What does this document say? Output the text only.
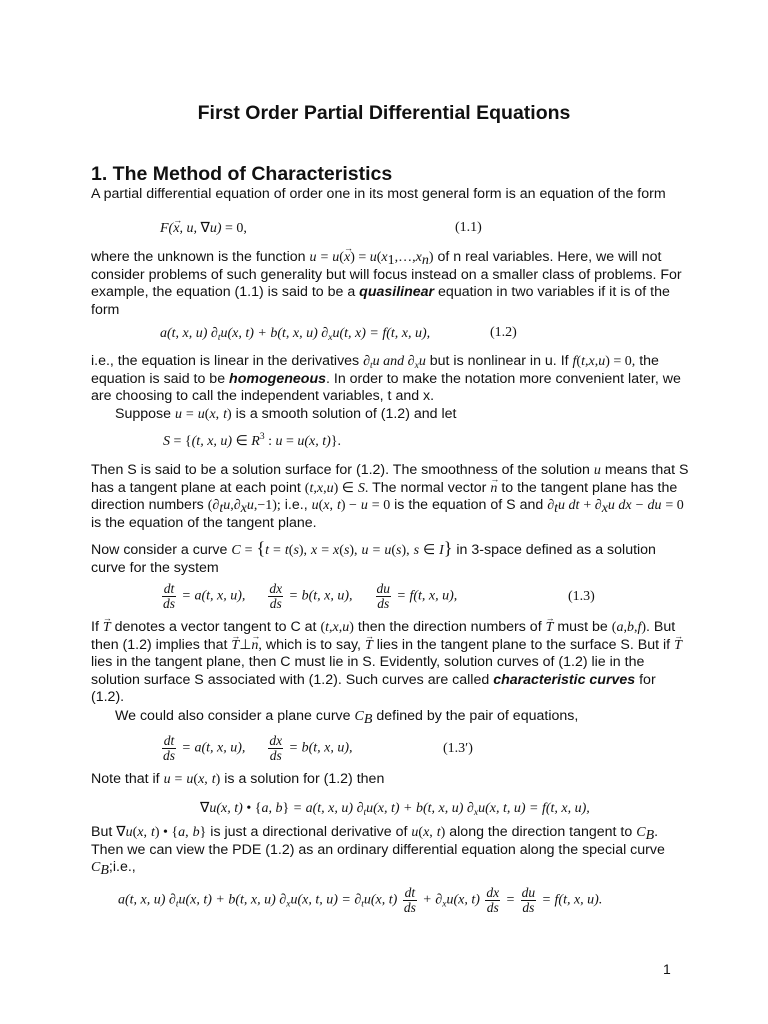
First Order Partial Differential Equations
1. The Method of Characteristics

A partial differential equation of order one in its most general form is an equation of the form

F(→ x, u, ∇u) = 0,	(1.1)

where the unknown is the function $u = u(\to x) = u(x_1,\dots,x_n)$ of n real variables. Here, we will not consider problems of such generality but will focus instead on a smaller class of problems. For example, the equation (1.1) is said to be a quasilinear equation in two variables if it is of the form

a(t, x, u) $\partial_tu(x$, t) + b(t, x, u) $\partial_xu(t$, x) = f(t, x, u),	(1.2)

i.e., the equation is linear in the derivatives $\partial_tu$ and $\partial_xu$ but is nonlinear in u. If f(t,x,u) = 0, the equation is said to be homogeneous. In order to make the notation more convenient later, we are choosing to call the independent variables, t and x.

Suppose u = u(x, t) is a smooth solution of (1.2) and let

S = {(t, x, u) ∈ $R^3$ : u = u(x, t)}.

Then S is said to be a solution surface for (1.2). The smoothness of the solution u means that S has a tangent plane at each point (t,x,u) ∈ S. The normal vector → n to the tangent plane has the direction numbers $(\partial_tu,\partial_xu,-1)$; i.e., u(x, t) − u = 0 is the equation of S and $\partial_tu$ dt + $\partial_xu$ dx − du = 0 is the equation of the tangent plane.

Now consider a curve C = {t = t(s), x = x(s), u = u(s), s ∈ I} in 3-space defined as a solution curve for the system

$\frac{dt}{ds} = a(t$, x, u), $\frac{dx}{ds} = b(t$, x, u), $\frac{du}{ds} = f(t$, x, u),	(1.3)

If → T denotes a vector tangent to C at (t,x,u) then the direction numbers of → T must be (a,b,f). But then (1.2) implies that → T⊥→ n, which is to say, → T lies in the tangent plane to the surface S. But if → T lies in the tangent plane, then C must lie in S. Evidently, solution curves of (1.2) lie in the solution surface S associated with (1.2). Such curves are called characteristic curves for (1.2).

We could also consider a plane curve $C_B$ defined by the pair of equations,

$\frac{dt}{ds} = a(t$, x, u), $\frac{dx}{ds} = b(t$, x, u),	(1.3′)

Note that if u = u(x, t) is a solution for (1.2) then

∇u(x, t) • {a, b} = a(t, x, u) $\partial_tu(x$, t) + b(t, x, u) $\partial_xu(x$, t, u) = f(t, x, u),

But ∇u(x, t) • {a, b} is just a directional derivative of u(x, t) along the direction tangent to $C_B$. Then we can view the PDE (1.2) as an ordinary differential equation along the special curve $C_B;i.e$.,

a(t, x, u) $\partial_tu(x$, t) + b(t, x, u) $\partial_xu(x$, t, $u) = \partial_tu(x$, $t) \frac{dt}{ds} + \partial_xu(x$, $t) \frac{dx}{ds} = \frac{du}{ds} = f(t$, x, u).
1
